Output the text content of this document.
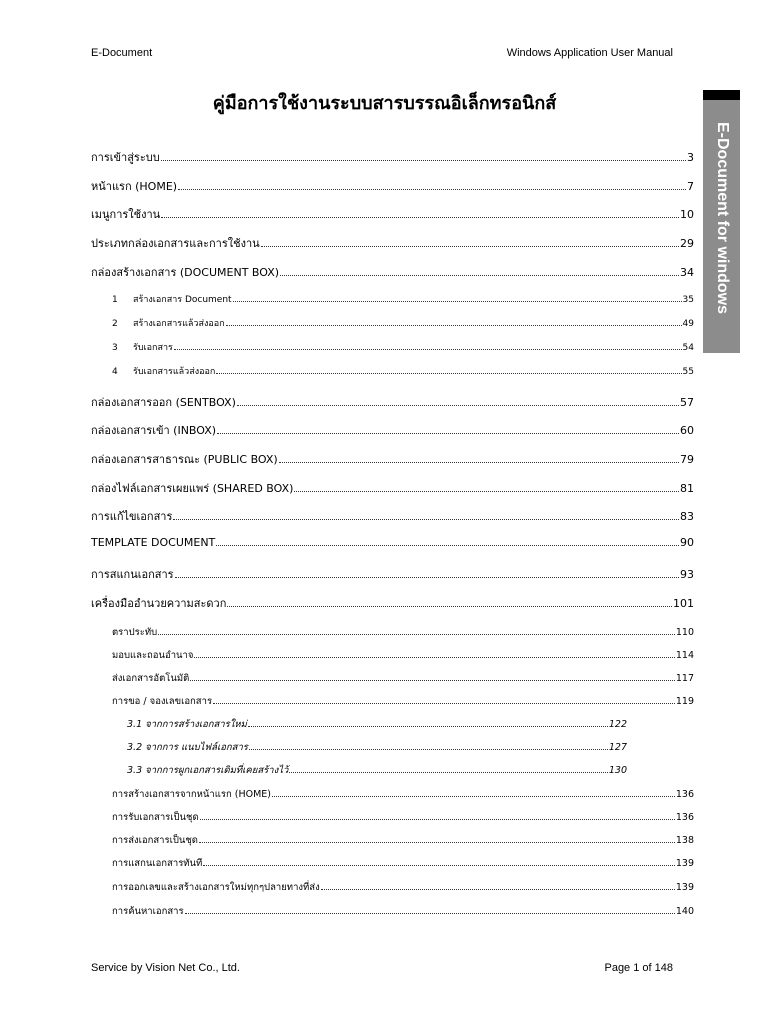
E-Document	Windows Application User Manual
คู่มือการใช้งานระบบสารบรรณอิเล็กทรอนิกส์
E-Document for windows
การเข้าสู่ระบบ	3
หน้าแรก (HOME)	7
เมนูการใช้งาน	10
ประเภทกล่องเอกสารและการใช้งาน	29
กล่องสร้างเอกสาร (DOCUMENT BOX)	34
1	สร้างเอกสาร Document	35
2	สร้างเอกสารแล้วส่งออก	49
3	รับเอกสาร	54
4	รับเอกสารแล้วส่งออก	55
กล่องเอกสารออก (SENTBOX)	57
กล่องเอกสารเข้า (INBOX)	60
กล่องเอกสารสาธารณะ (PUBLIC BOX)	79
กล่องไฟล์เอกสารเผยแพร่ (SHARED BOX)	81
การแก้ไขเอกสาร	83
TEMPLATE DOCUMENT	90
การสแกนเอกสาร	93
เครื่องมืออำนวยความสะดวก	101
ตราประทับ	110
มอบและถอนอำนาจ	114
ส่งเอกสารอัตโนมัติ	117
การขอ / จองเลขเอกสาร	119
3.1 จากการสร้างเอกสารใหม่	122
3.2 จากการ แนบไฟล์เอกสาร	127
3.3 จากการผูกเอกสารเดิมที่เคยสร้างไว้	130
การสร้างเอกสารจากหน้าแรก (HOME)	136
การรับเอกสารเป็นชุด	136
การส่งเอกสารเป็นชุด	138
การแสกนเอกสารทันที	139
การออกเลขและสร้างเอกสารใหม่ทุกๆปลายทางที่ส่ง	139
การค้นหาเอกสาร	140
Service by Vision Net Co., Ltd.	Page 1 of 148
